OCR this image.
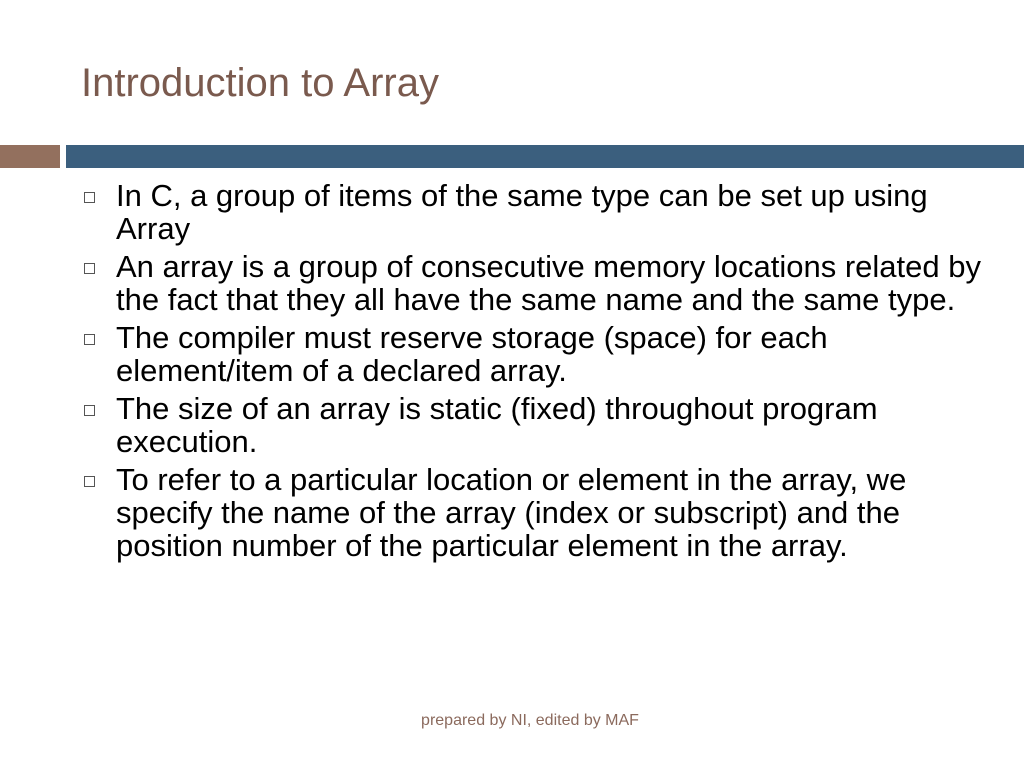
Introduction to Array
In C, a group of items of the same type can be set up using Array
An array is a group of consecutive memory locations related by the fact that they all have the same name and the same type.
The compiler must reserve storage (space) for each element/item of a declared array.
The size of an array is static (fixed) throughout program execution.
To refer to a particular location or element in the array, we specify the name of the array (index or subscript) and the position number of the particular element in the array.
prepared by NI, edited by MAF
